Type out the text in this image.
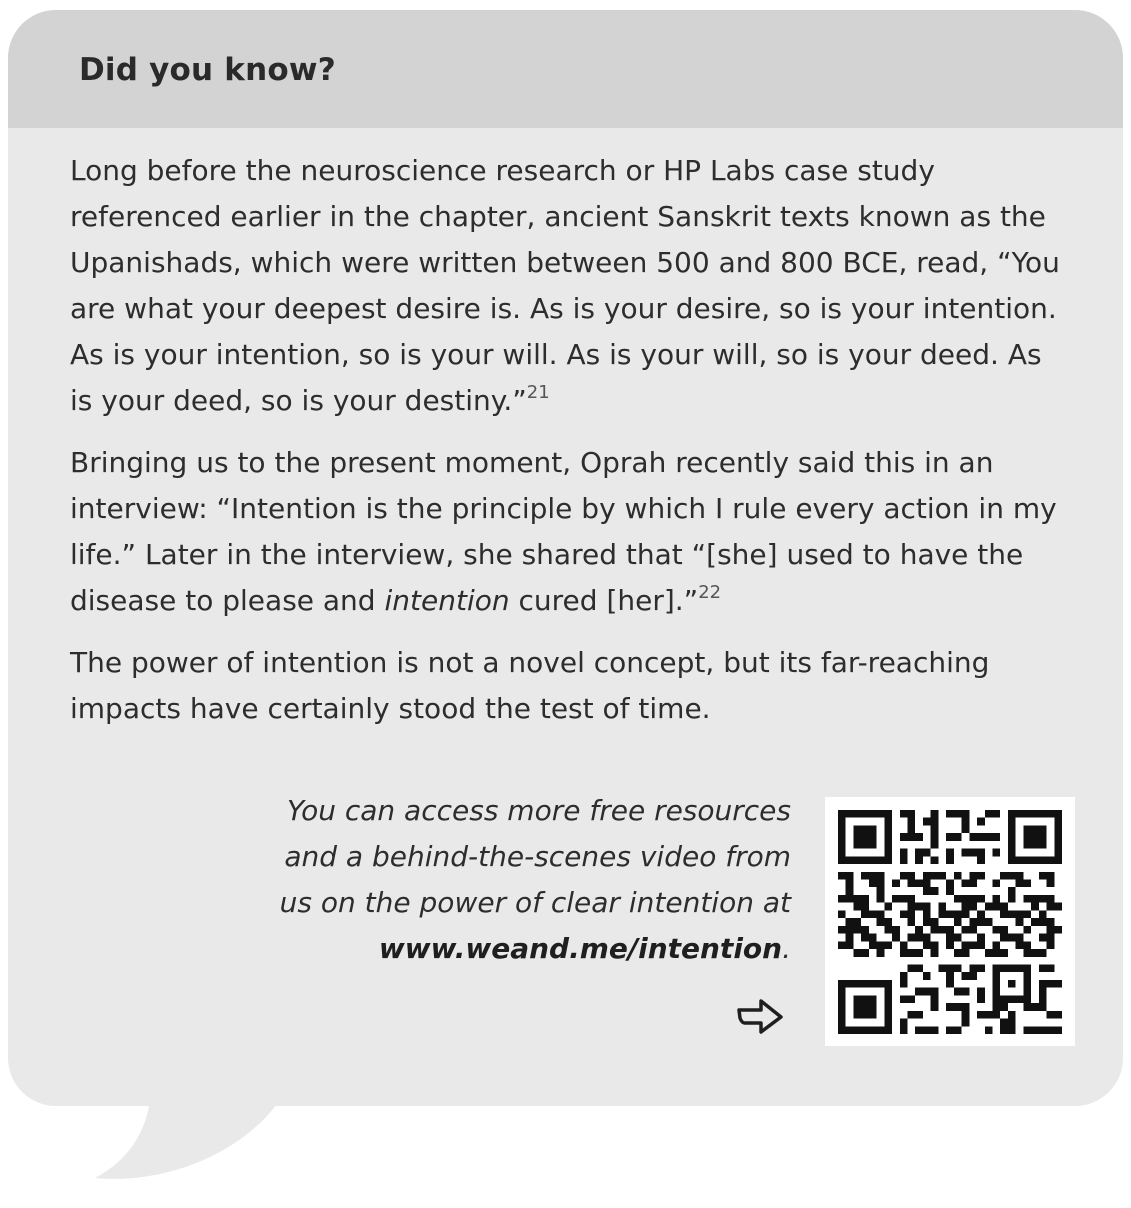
Did you know?

Long before the neuroscience research or HP Labs case study referenced earlier in the chapter, ancient Sanskrit texts known as the Upanishads, which were written between 500 and 800 BCE, read, “You are what your deepest desire is. As is your desire, so is your intention. As is your intention, so is your will. As is your will, so is your deed. As is your deed, so is your destiny.”$^{21}$

Bringing us to the present moment, Oprah recently said this in an interview: “Intention is the principle by which I rule every action in my life.” Later in the interview, she shared that “[she] used to have the disease to please and intention cured [her].”$^{22}$

The power of intention is not a novel concept, but its far-reaching impacts have certainly stood the test of time.

You can access more free resources
and a behind-the-scenes video from
us on the power of clear intention at
www.weand.me/intention.
